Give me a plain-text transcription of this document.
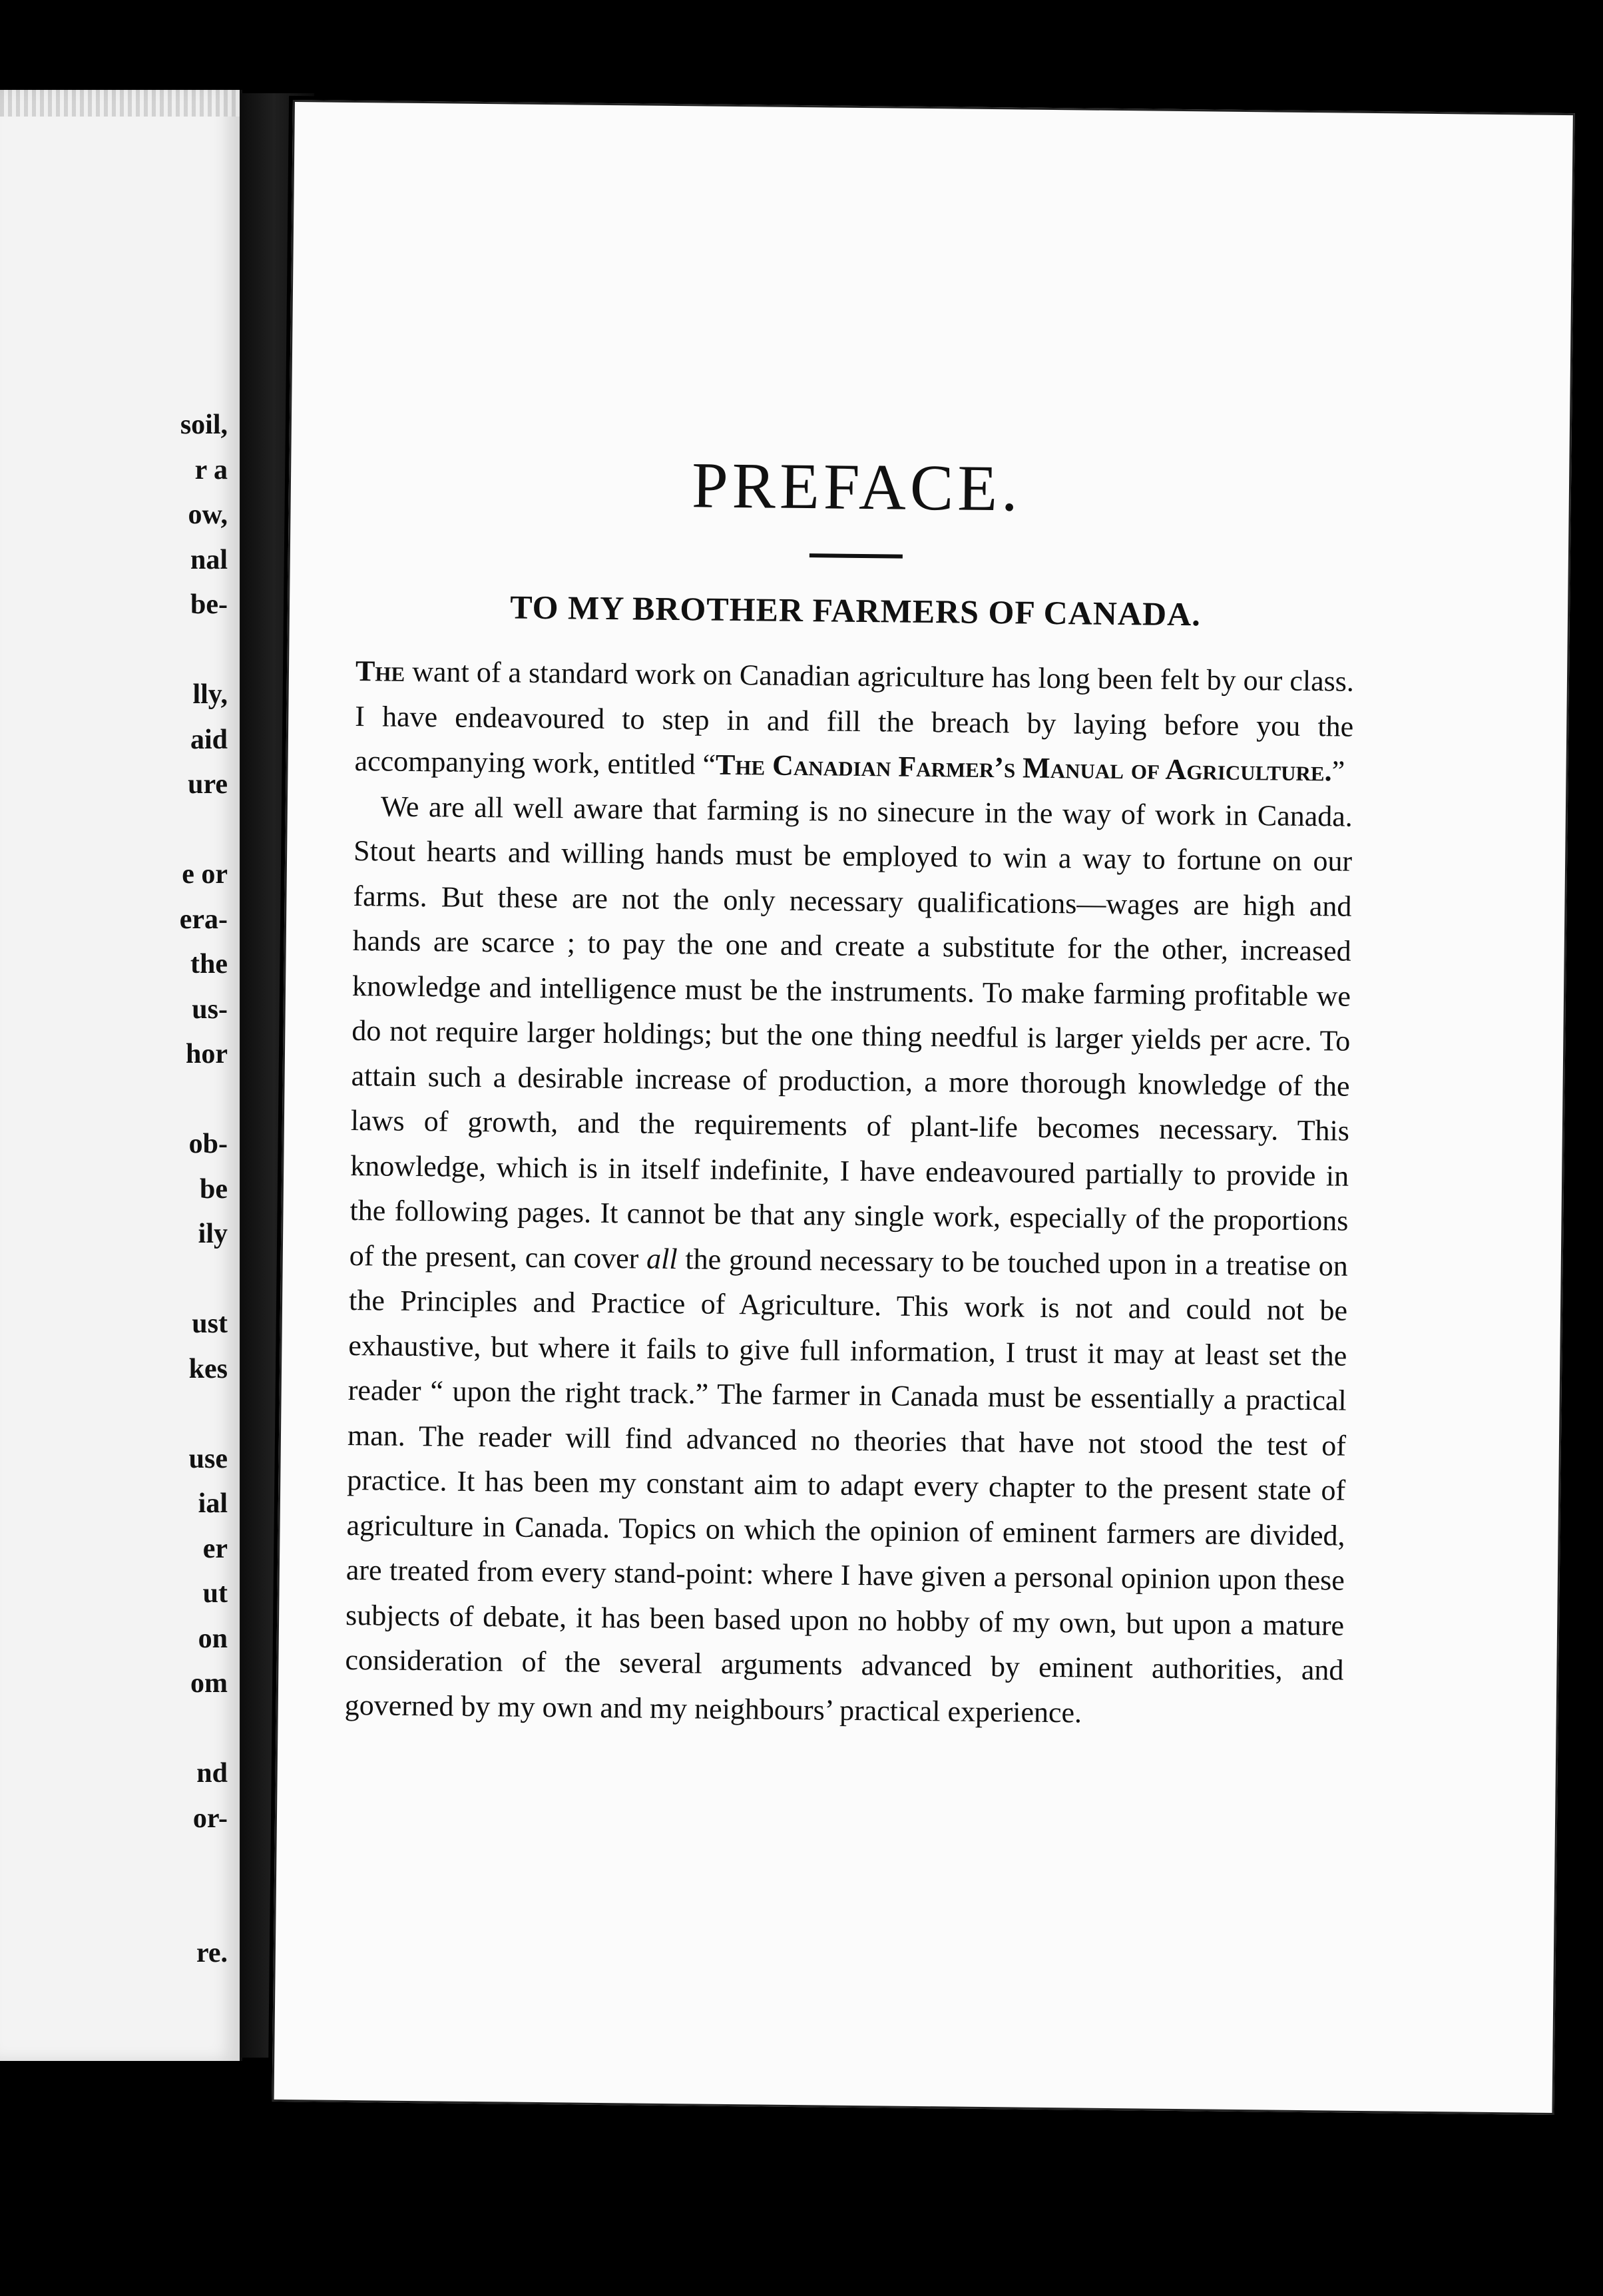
soil,
r a
ow,
nal
be-
lly,
aid
ure
e or
era-
the
us-
hor
ob-
be
ily
ust
kes
use
ial
er
ut
on
om
nd
or-
re.
PREFACE.
TO MY BROTHER FARMERS OF CANADA.

The want of a standard work on Canadian agriculture has long been felt by our class. I have endeavoured to step in and fill the breach by laying before you the accompanying work, entitled “The Canadian Farmer’s Manual of Agriculture.”

We are all well aware that farming is no sinecure in the way of work in Canada. Stout hearts and willing hands must be employed to win a way to fortune on our farms. But these are not the only necessary qualifications—wages are high and hands are scarce ; to pay the one and create a substitute for the other, increased knowledge and intelligence must be the instruments. To make farming profitable we do not require larger holdings; but the one thing needful is larger yields per acre. To attain such a desirable increase of production, a more thorough knowledge of the laws of growth, and the requirements of plant-life becomes necessary. This knowledge, which is in itself indefinite, I have endeavoured partially to provide in the following pages. It cannot be that any single work, especially of the proportions of the present, can cover all the ground necessary to be touched upon in a treatise on the Principles and Practice of Agriculture. This work is not and could not be exhaustive, but where it fails to give full information, I trust it may at least set the reader “ upon the right track.” The farmer in Canada must be essentially a practical man. The reader will find advanced no theories that have not stood the test of practice. It has been my constant aim to adapt every chapter to the present state of agriculture in Canada. Topics on which the opinion of eminent farmers are divided, are treated from every stand-point: where I have given a personal opinion upon these subjects of debate, it has been based upon no hobby of my own, but upon a mature consideration of the several arguments advanced by eminent authorities, and governed by my own and my neighbours’ practical experience.
